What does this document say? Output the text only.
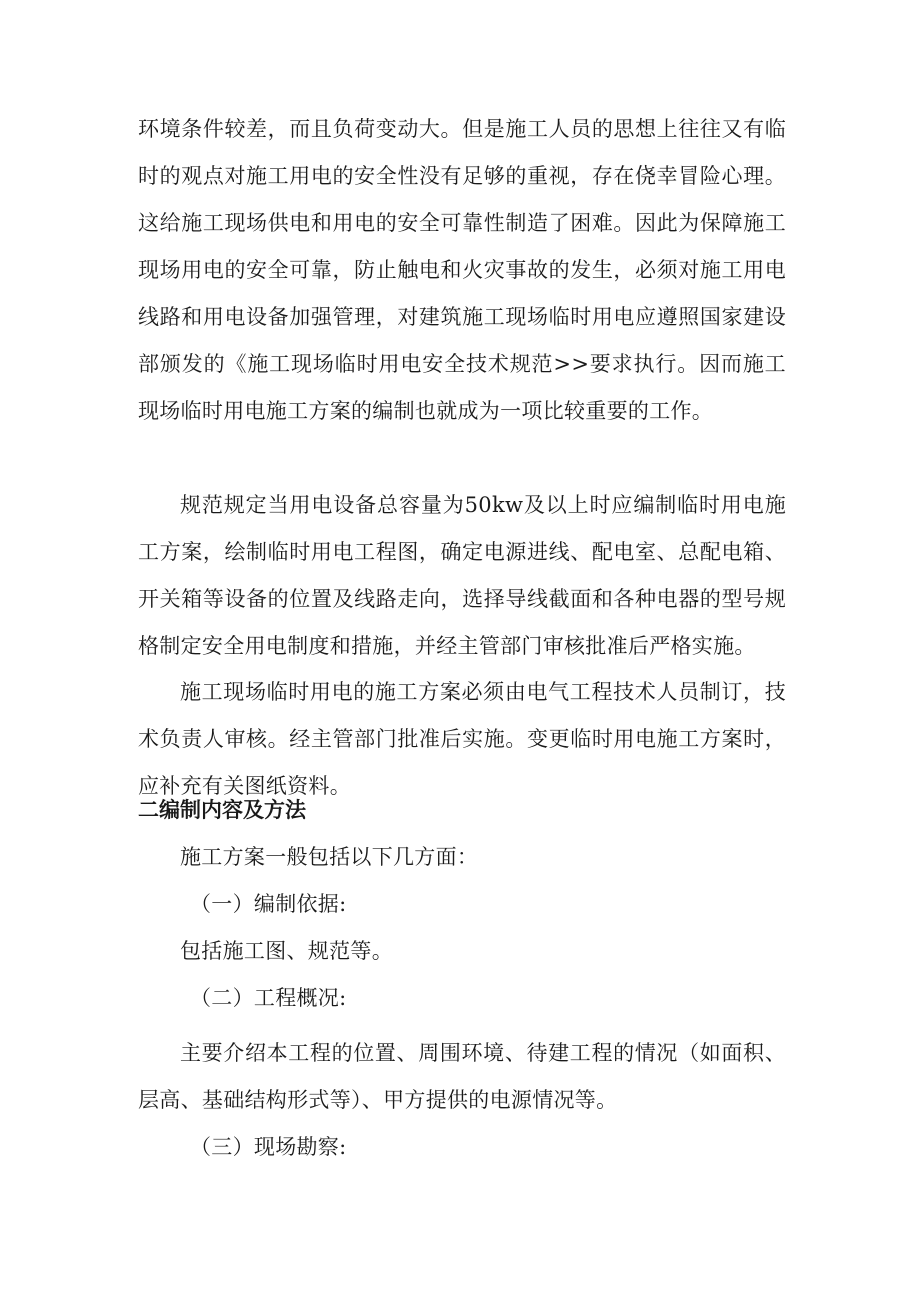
环境条件较差，而且负荷变动大。但是施工人员的思想上往往又有临时的观点对施工用电的安全性没有足够的重视，存在侥幸冒险心理。这给施工现场供电和用电的安全可靠性制造了困难。因此为保障施工现场用电的安全可靠，防止触电和火灾事故的发生，必须对施工用电线路和用电设备加强管理，对建筑施工现场临时用电应遵照国家建设部颁发的《施工现场临时用电安全技术规范>>要求执行。因而施工现场临时用电施工方案的编制也就成为一项比较重要的工作。

规范规定当用电设备总容量为50kw及以上时应编制临时用电施工方案，绘制临时用电工程图，确定电源进线、配电室、总配电箱、开关箱等设备的位置及线路走向，选择导线截面和各种电器的型号规格制定安全用电制度和措施，并经主管部门审核批准后严格实施。

施工现场临时用电的施工方案必须由电气工程技术人员制订，技术负责人审核。经主管部门批准后实施。变更临时用电施工方案时，应补充有关图纸资料。

二编制内容及方法

施工方案一般包括以下几方面：

（一）编制依据:

包括施工图、规范等。

（二）工程概况:

主要介绍本工程的位置、周围环境、待建工程的情况（如面积、层高、基础结构形式等）、甲方提供的电源情况等。

（三）现场勘察:
